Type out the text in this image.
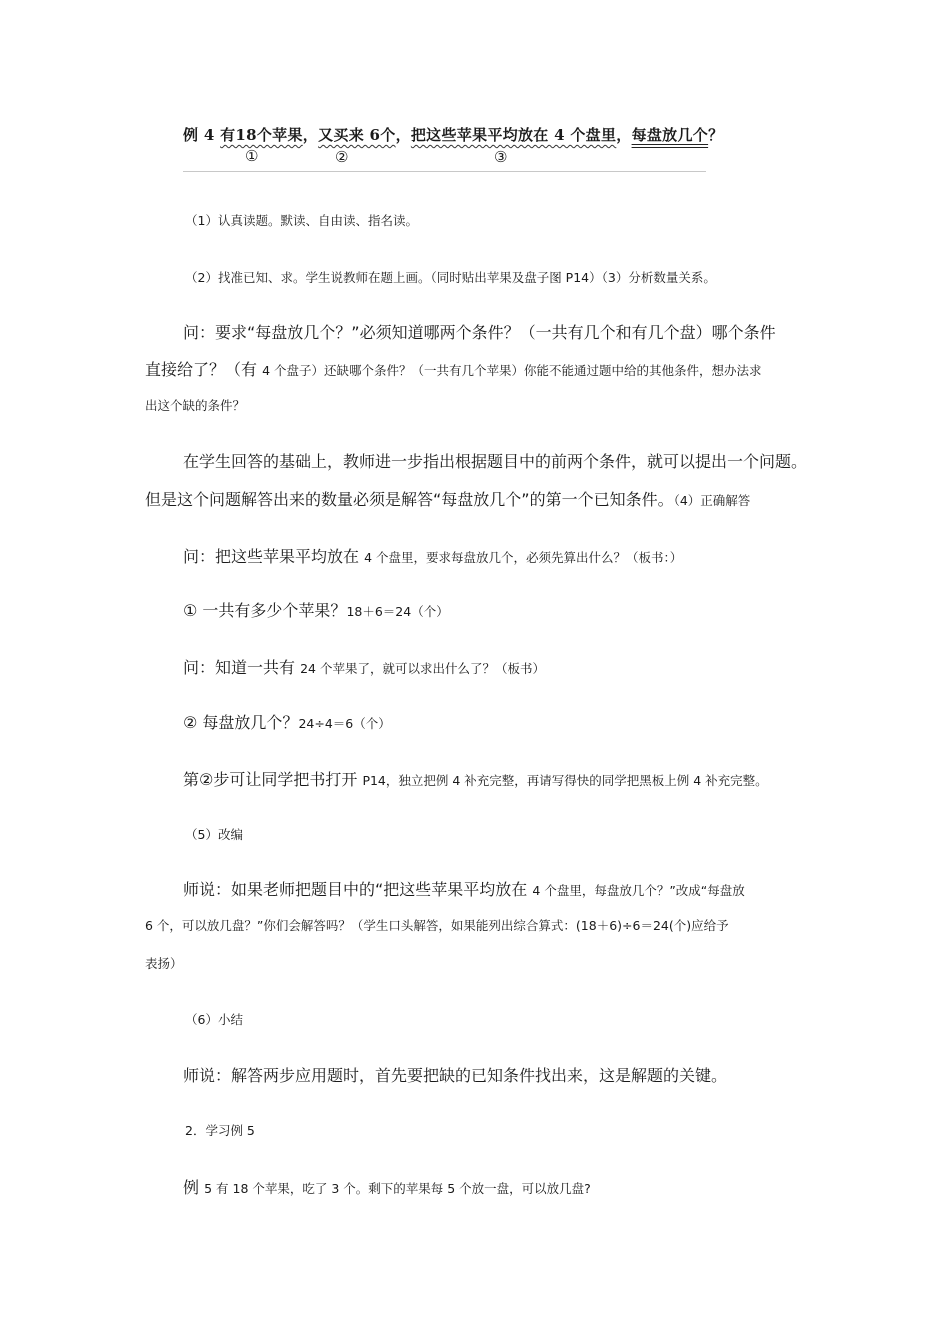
例 4 有18个苹果，又买来 6个，把这些苹果平均放在 4 个盘里，每盘放几个？
①	②	③
（1）认真读题。默读、自由读、指名读。
（2）找准已知、求。学生说教师在题上画。（同时贴出苹果及盘子图 P14）（3）分析数量关系。
问：要求“每盘放几个？”必须知道哪两个条件？（一共有几个和有几个盘）哪个条件
直接给了？（有 4 个盘子）还缺哪个条件？（一共有几个苹果）你能不能通过题中给的其他条件，想办法求
出这个缺的条件？
在学生回答的基础上，教师进一步指出根据题目中的前两个条件，就可以提出一个问题。
但是这个问题解答出来的数量必须是解答“每盘放几个”的第一个已知条件。（4）正确解答
问：把这些苹果平均放在 4 个盘里，要求每盘放几个，必须先算出什么？（板书：）
① 一共有多少个苹果？18＋6＝24（个）
问：知道一共有 24 个苹果了，就可以求出什么了？（板书）
② 每盘放几个？24÷4＝6（个）
第②步可让同学把书打开 P14，独立把例 4 补充完整，再请写得快的同学把黑板上例 4 补充完整。
（5）改编
师说：如果老师把题目中的“把这些苹果平均放在 4 个盘里，每盘放几个？”改成“每盘放
6 个，可以放几盘？”你们会解答吗？（学生口头解答，如果能列出综合算式：(18＋6)÷6＝24(个)应给予
表扬）
（6）小结
师说：解答两步应用题时，首先要把缺的已知条件找出来，这是解题的关键。
2．学习例 5
例 5 有 18 个苹果，吃了 3 个。剩下的苹果每 5 个放一盘，可以放几盘?
